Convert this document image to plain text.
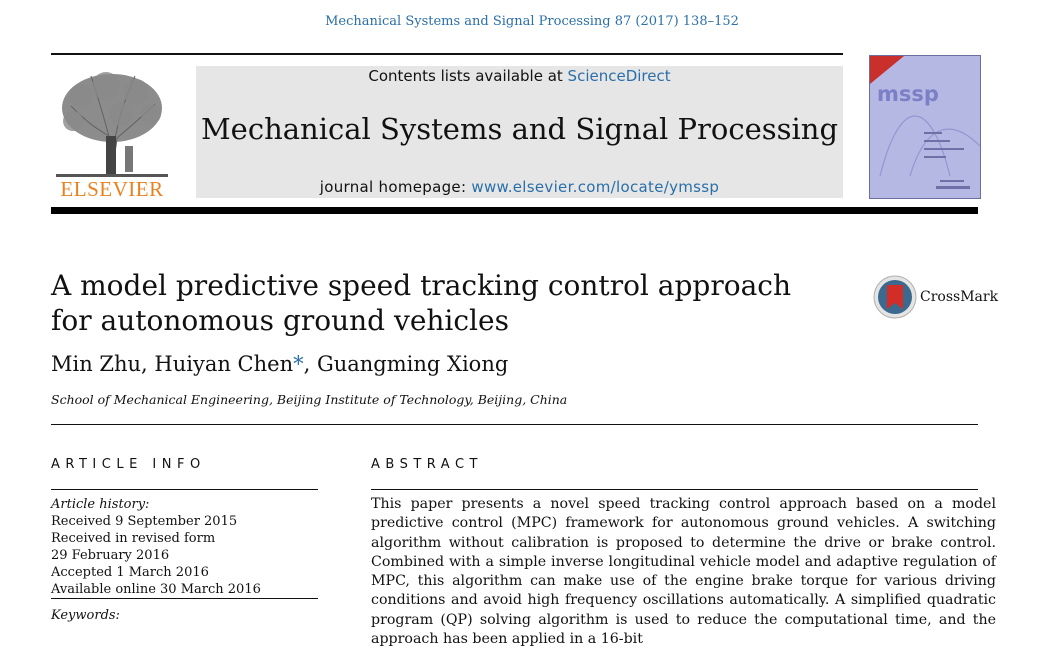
Mechanical Systems and Signal Processing 87 (2017) 138–152
ELSEVIER
Contents lists available at ScienceDirect
Mechanical Systems and Signal Processing
journal homepage: www.elsevier.com/locate/ymssp
mssp
A model predictive speed tracking control approach
for autonomous ground vehicles
CrossMark
Min Zhu, Huiyan Chen*, Guangming Xiong
School of Mechanical Engineering, Beijing Institute of Technology, Beijing, China
ARTICLE INFO	ABSTRACT
Article history:
Received 9 September 2015
Received in revised form
29 February 2016
Accepted 1 March 2016
Available online 30 March 2016
Keywords:
This paper presents a novel speed tracking control approach based on a model predictive control (MPC) framework for autonomous ground vehicles. A switching algorithm without calibration is proposed to determine the drive or brake control. Combined with a simple inverse longitudinal vehicle model and adaptive regulation of MPC, this algorithm can make use of the engine brake torque for various driving conditions and avoid high frequency oscillations automatically. A simplified quadratic program (QP) solving algorithm is used to reduce the computational time, and the approach has been applied in a 16-bit
